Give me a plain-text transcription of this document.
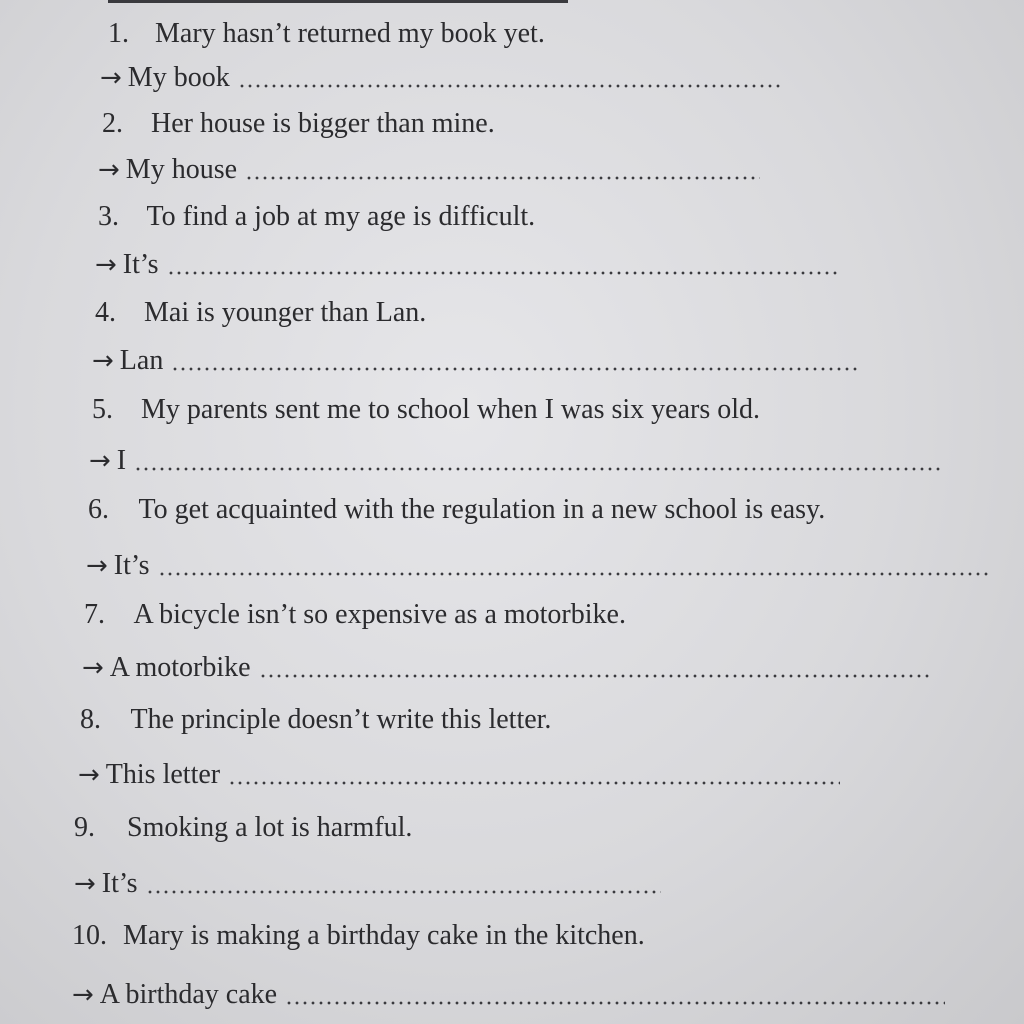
1. Mary hasn’t returned my book yet.
→ My book
2. Her house is bigger than mine.
→ My house
3. To find a job at my age is difficult.
→ It’s
4. Mai is younger than Lan.
→ Lan
5. My parents sent me to school when I was six years old.
→ I
6. To get acquainted with the regulation in a new school is easy.
→ It’s
7. A bicycle isn’t so expensive as a motorbike.
→ A motorbike
8. The principle doesn’t write this letter.
→ This letter
9. Smoking a lot is harmful.
→ It’s
10. Mary is making a birthday cake in the kitchen.
→ A birthday cake
